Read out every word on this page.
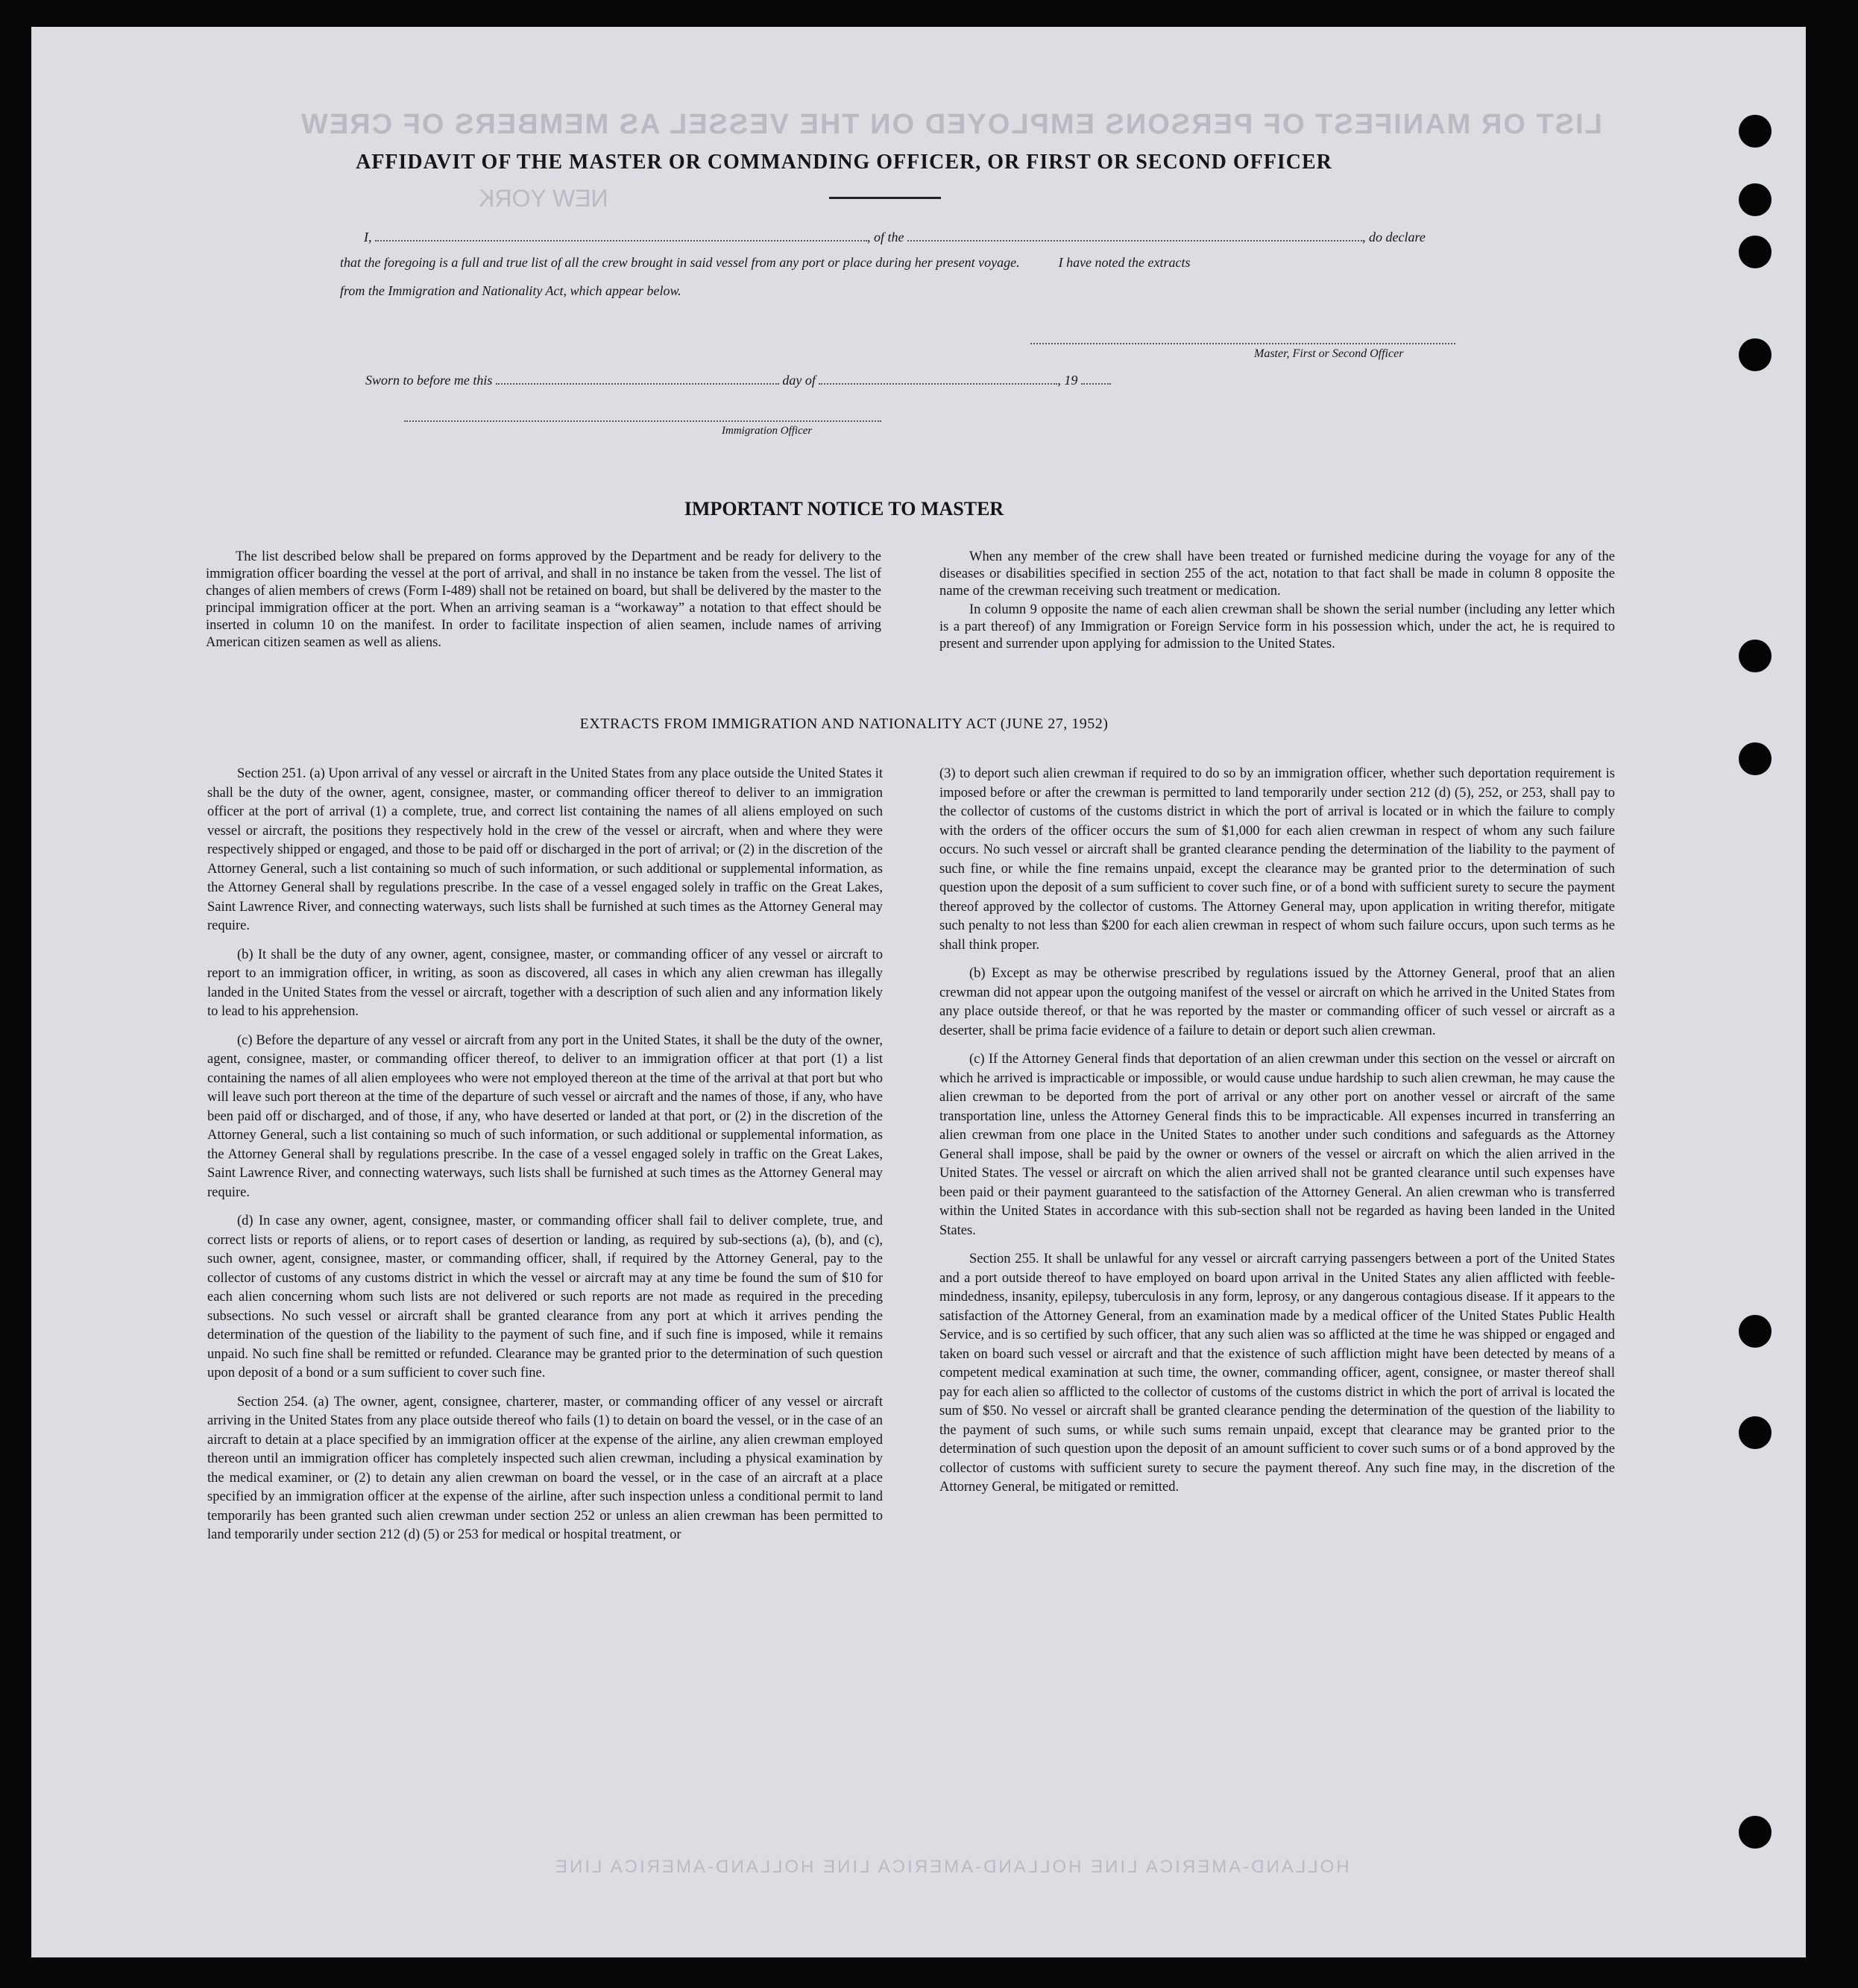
LIST OR MANIFEST OF PERSONS EMPLOYED ON THE VESSEL AS MEMBERS OF CREW
NEW YORK
HOLLAND-AMERICA LINE HOLLAND-AMERICA LINE HOLLAND-AMERICA LINE
AFFIDAVIT OF THE MASTER OR COMMANDING OFFICER, OR FIRST OR SECOND OFFICER
I,	, of the	, do declare
that the foregoing is a full and true list of all the crew brought in said vessel from any port or place during her present voyage.	I have noted the extracts
from the Immigration and Nationality Act, which appear below.
Master, First or Second Officer
Sworn to before me this	day of	, 19
Immigration Officer
IMPORTANT NOTICE TO MASTER

The list described below shall be prepared on forms approved by the Department and be ready for delivery to the immigration officer boarding the vessel at the port of arrival, and shall in no instance be taken from the vessel. The list of changes of alien members of crews (Form I-489) shall not be retained on board, but shall be delivered by the master to the principal immigration officer at the port. When an arriving seaman is a “workaway” a notation to that effect should be inserted in column 10 on the manifest. In order to facilitate inspection of alien seamen, include names of arriving American citizen seamen as well as aliens.

When any member of the crew shall have been treated or furnished medicine during the voyage for any of the diseases or disabilities specified in section 255 of the act, notation to that fact shall be made in column 8 opposite the name of the crewman receiving such treatment or medication.

In column 9 opposite the name of each alien crewman shall be shown the serial number (including any letter which is a part thereof) of any Immigration or Foreign Service form in his possession which, under the act, he is required to present and surrender upon applying for admission to the United States.

EXTRACTS FROM IMMIGRATION AND NATIONALITY ACT (JUNE 27, 1952)

Section 251. (a) Upon arrival of any vessel or aircraft in the United States from any place outside the United States it shall be the duty of the owner, agent, consignee, master, or commanding officer thereof to deliver to an immigration officer at the port of arrival (1) a complete, true, and correct list containing the names of all aliens employed on such vessel or aircraft, the positions they respectively hold in the crew of the vessel or aircraft, when and where they were respectively shipped or engaged, and those to be paid off or discharged in the port of arrival; or (2) in the discretion of the Attorney General, such a list containing so much of such information, or such additional or supplemental information, as the Attorney General shall by regulations prescribe. In the case of a vessel engaged solely in traffic on the Great Lakes, Saint Lawrence River, and connecting waterways, such lists shall be furnished at such times as the Attorney General may require.

(b) It shall be the duty of any owner, agent, consignee, master, or commanding officer of any vessel or aircraft to report to an immigration officer, in writing, as soon as discovered, all cases in which any alien crewman has illegally landed in the United States from the vessel or aircraft, together with a description of such alien and any information likely to lead to his apprehension.

(c) Before the departure of any vessel or aircraft from any port in the United States, it shall be the duty of the owner, agent, consignee, master, or commanding officer thereof, to deliver to an immigration officer at that port (1) a list containing the names of all alien employees who were not employed thereon at the time of the arrival at that port but who will leave such port thereon at the time of the departure of such vessel or aircraft and the names of those, if any, who have been paid off or discharged, and of those, if any, who have deserted or landed at that port, or (2) in the discretion of the Attorney General, such a list containing so much of such information, or such additional or supplemental information, as the Attorney General shall by regulations prescribe. In the case of a vessel engaged solely in traffic on the Great Lakes, Saint Lawrence River, and connecting waterways, such lists shall be furnished at such times as the Attorney General may require.

(d) In case any owner, agent, consignee, master, or commanding officer shall fail to deliver complete, true, and correct lists or reports of aliens, or to report cases of desertion or landing, as required by sub-sections (a), (b), and (c), such owner, agent, consignee, master, or commanding officer, shall, if required by the Attorney General, pay to the collector of customs of any customs district in which the vessel or aircraft may at any time be found the sum of $10 for each alien concerning whom such lists are not delivered or such reports are not made as required in the preceding subsections. No such vessel or aircraft shall be granted clearance from any port at which it arrives pending the determination of the question of the liability to the payment of such fine, and if such fine is imposed, while it remains unpaid. No such fine shall be remitted or refunded. Clearance may be granted prior to the determination of such question upon deposit of a bond or a sum sufficient to cover such fine.

Section 254. (a) The owner, agent, consignee, charterer, master, or commanding officer of any vessel or aircraft arriving in the United States from any place outside thereof who fails (1) to detain on board the vessel, or in the case of an aircraft to detain at a place specified by an immigration officer at the expense of the airline, any alien crewman employed thereon until an immigration officer has completely inspected such alien crewman, including a physical examination by the medical examiner, or (2) to detain any alien crewman on board the vessel, or in the case of an aircraft at a place specified by an immigration officer at the expense of the airline, after such inspection unless a conditional permit to land temporarily has been granted such alien crewman under section 252 or unless an alien crewman has been permitted to land temporarily under section 212 (d) (5) or 253 for medical or hospital treatment, or

(3) to deport such alien crewman if required to do so by an immigration officer, whether such deportation requirement is imposed before or after the crewman is permitted to land temporarily under section 212 (d) (5), 252, or 253, shall pay to the collector of customs of the customs district in which the port of arrival is located or in which the failure to comply with the orders of the officer occurs the sum of $1,000 for each alien crewman in respect of whom any such failure occurs. No such vessel or aircraft shall be granted clearance pending the determination of the liability to the payment of such fine, or while the fine remains unpaid, except the clearance may be granted prior to the determination of such question upon the deposit of a sum sufficient to cover such fine, or of a bond with sufficient surety to secure the payment thereof approved by the collector of customs. The Attorney General may, upon application in writing therefor, mitigate such penalty to not less than $200 for each alien crewman in respect of whom such failure occurs, upon such terms as he shall think proper.

(b) Except as may be otherwise prescribed by regulations issued by the Attorney General, proof that an alien crewman did not appear upon the outgoing manifest of the vessel or aircraft on which he arrived in the United States from any place outside thereof, or that he was reported by the master or commanding officer of such vessel or aircraft as a deserter, shall be prima facie evidence of a failure to detain or deport such alien crewman.

(c) If the Attorney General finds that deportation of an alien crewman under this section on the vessel or aircraft on which he arrived is impracticable or impossible, or would cause undue hardship to such alien crewman, he may cause the alien crewman to be deported from the port of arrival or any other port on another vessel or aircraft of the same transportation line, unless the Attorney General finds this to be impracticable. All expenses incurred in transferring an alien crewman from one place in the United States to another under such conditions and safeguards as the Attorney General shall impose, shall be paid by the owner or owners of the vessel or aircraft on which the alien arrived in the United States. The vessel or aircraft on which the alien arrived shall not be granted clearance until such expenses have been paid or their payment guaranteed to the satisfaction of the Attorney General. An alien crewman who is transferred within the United States in accordance with this sub-section shall not be regarded as having been landed in the United States.

Section 255. It shall be unlawful for any vessel or aircraft carrying passengers between a port of the United States and a port outside thereof to have employed on board upon arrival in the United States any alien afflicted with feeble-mindedness, insanity, epilepsy, tuberculosis in any form, leprosy, or any dangerous contagious disease. If it appears to the satisfaction of the Attorney General, from an examination made by a medical officer of the United States Public Health Service, and is so certified by such officer, that any such alien was so afflicted at the time he was shipped or engaged and taken on board such vessel or aircraft and that the existence of such affliction might have been detected by means of a competent medical examination at such time, the owner, commanding officer, agent, consignee, or master thereof shall pay for each alien so afflicted to the collector of customs of the customs district in which the port of arrival is located the sum of $50. No vessel or aircraft shall be granted clearance pending the determination of the question of the liability to the payment of such sums, or while such sums remain unpaid, except that clearance may be granted prior to the determination of such question upon the deposit of an amount sufficient to cover such sums or of a bond approved by the collector of customs with sufficient surety to secure the payment thereof. Any such fine may, in the discretion of the Attorney General, be mitigated or remitted.
